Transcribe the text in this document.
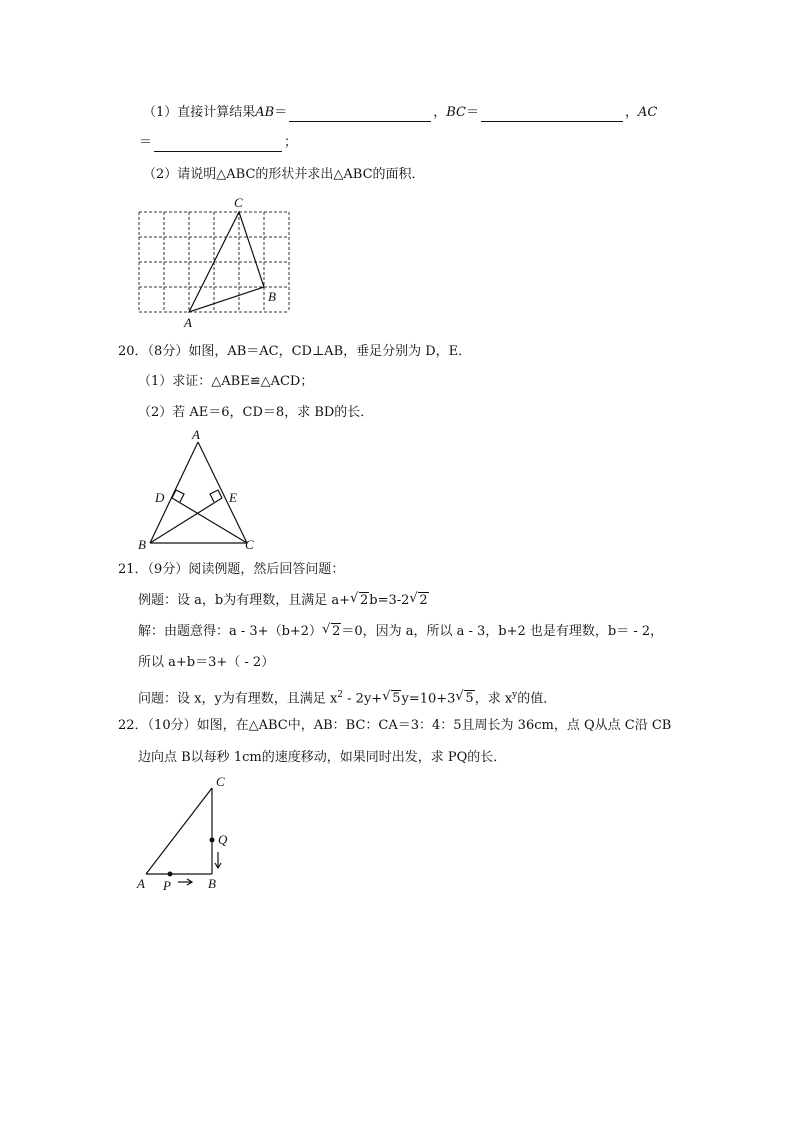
（1）直接计算结果AB＝	，BC＝	，AC
＝	；
（2）请说明△ABC的形状并求出△ABC的面积．
C
B
A
20．（8分）如图，AB＝AC，CD⊥AB，垂足分别为 D，E．
（1）求证：△ABE≌△ACD；
（2）若 AE＝6，CD＝8，求 BD的长．
A
D	E
B	C
21．（9分）阅读例题，然后回答问题：
例题：设 a，b为有理数，且满足 a+ √ 2b=3-2 √ 2
解：由题意得：a - 3+（b+2） √ 2＝0，因为 a，所以 a - 3，b+2 也是有理数，b＝ - 2，
所以 a+b＝3+（ - 2）
问题：设 x，y为有理数，且满足 $x^2 - 2y+$ √ 5y=10+3 √ 5，求 $x^y$的值．
22．（10分）如图，在△ABC中，AB：BC：CA＝3：4：5且周长为 36cm，点 Q从点 C沿 CB
边向点 B以每秒 1cm的速度移动，如果同时出发，求 PQ的长．
C
Q
A P	B
